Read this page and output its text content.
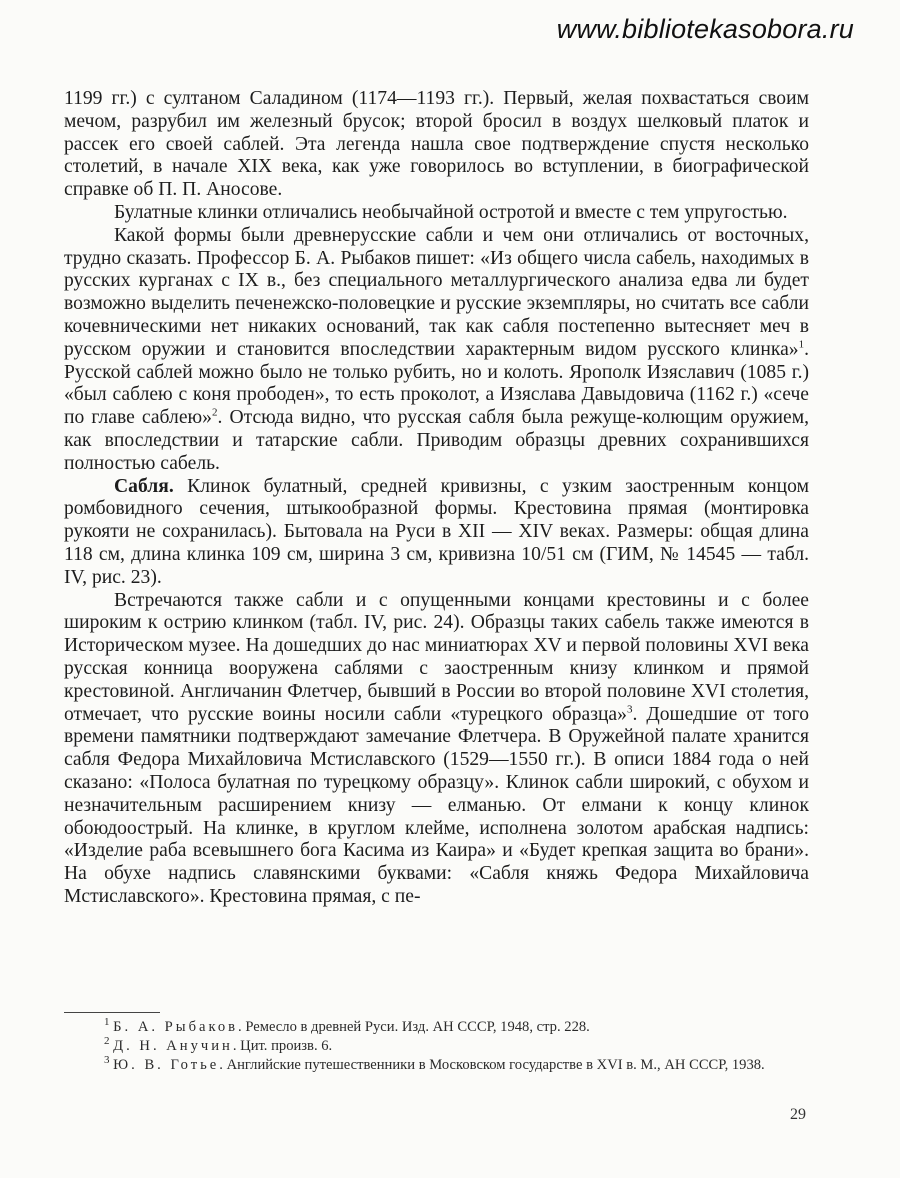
www.bibliotekasobora.ru

1199 гг.) с султаном Саладином (1174—1193 гг.). Первый, желая похвастаться своим мечом, разрубил им железный брусок; второй бросил в воздух шелковый платок и рассек его своей саблей. Эта легенда нашла свое подтверждение спустя несколько столетий, в начале XIX века, как уже говорилось во вступлении, в биографической справке об П. П. Аносове.

Булатные клинки отличались необычайной остротой и вместе с тем упругостью.

Какой формы были древнерусские сабли и чем они отличались от восточных, трудно сказать. Профессор Б. А. Рыбаков пишет: «Из общего числа сабель, находимых в русских курганах с IX в., без специального металлургического анализа едва ли будет возможно выделить печенежско-половецкие и русские экземпляры, но считать все сабли кочевническими нет никаких оснований, так как сабля постепенно вытесняет меч в русском оружии и становится впоследствии характерным видом русского клинка»$^1$. Русской саблей можно было не только рубить, но и колоть. Ярополк Изяславич (1085 г.) «был саблею с коня прободен», то есть проколот, а Изяслава Давыдовича (1162 г.) «сече по главе саблею»$^2$. Отсюда видно, что русская сабля была режуще-колющим оружием, как впоследствии и татарские сабли. Приводим образцы древних сохранившихся полностью сабель.

Сабля. Клинок булатный, средней кривизны, с узким заостренным концом ромбовидного сечения, штыкообразной формы. Крестовина прямая (монтировка рукояти не сохранилась). Бытовала на Руси в XII — XIV веках. Размеры: общая длина 118 см, длина клинка 109 см, ширина 3 см, кривизна 10/51 см (ГИМ, № 14545 — табл. IV, рис. 23).

Встречаются также сабли и с опущенными концами крестовины и с более широким к острию клинком (табл. IV, рис. 24). Образцы таких сабель также имеются в Историческом музее. На дошедших до нас миниатюрах XV и первой половины XVI века русская конница вооружена саблями с заостренным книзу клинком и прямой крестовиной. Англичанин Флетчер, бывший в России во второй половине XVI столетия, отмечает, что русские воины носили сабли «турецкого образца»$^3$. Дошедшие от того времени памятники подтверждают замечание Флетчера. В Оружейной палате хранится сабля Федора Михайловича Мстиславского (1529—1550 гг.). В описи 1884 года о ней сказано: «Полоса булатная по турецкому образцу». Клинок сабли широкий, с обухом и незначительным расширением книзу — елманью. От елмани к концу клинок обоюдоострый. На клинке, в круглом клейме, исполнена золотом арабская надпись: «Изделие раба всевышнего бога Касима из Каира» и «Будет крепкая защита во брани». На обухе надпись славянскими буквами: «Сабля княжь Федора Михайловича Мстиславского». Крестовина прямая, с пе-

$^1$ Б. А. Рыбаков. Ремесло в древней Руси. Изд. АН СССР, 1948, стр. 228.

$^2$ Д. Н. Анучин. Цит. произв. 6.

$^3$ Ю. В. Готье. Английские путешественники в Московском государстве в XVI в. М., АН СССР, 1938.

29
